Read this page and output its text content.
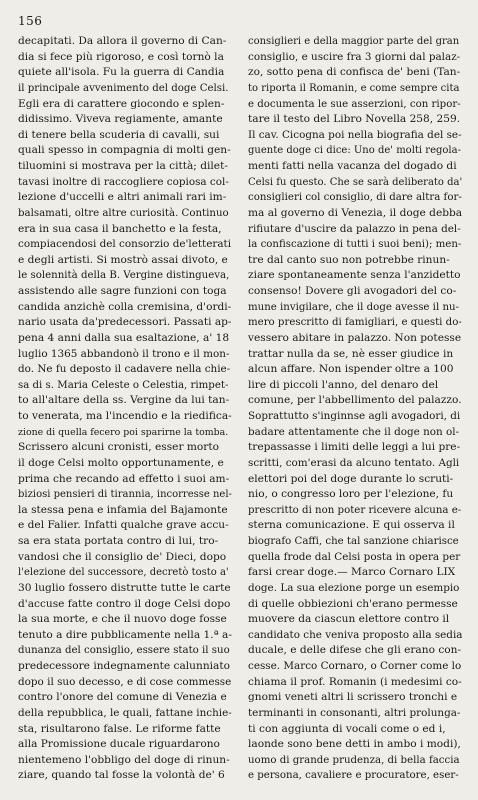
156
decapitati. Da allora il governo di Can-
dia si fece più rigoroso, e così tornò la
quiete all'isola. Fu la guerra di Candia
il principale avvenimento del doge Celsi.
Egli era di carattere giocondo e splen-
didissimo. Viveva regiamente, amante
di tenere bella scuderia di cavalli, sui
quali spesso in compagnia di molti gen-
tiluomini si mostrava per la città; dilet-
tavasi inoltre di raccogliere copiosa col-
lezione d'uccelli e altri animali rari im-
balsamati, oltre altre curiosità. Continuo
era in sua casa il banchetto e la festa,
compiacendosi del consorzio de'letterati
e degli artisti. Si mostrò assai divoto, e
le solennità della B. Vergine distingueva,
assistendo alle sagre funzioni con toga
candida anzichè colla cremisina, d'ordi-
nario usata da'predecessori. Passati ap-
pena 4 anni dalla sua esaltazione, a' 18
luglio 1365 abbandonò il trono e il mon-
do. Ne fu deposto il cadavere nella chie-
sa di s. Maria Celeste o Celestia, rimpet-
to all'altare della ss. Vergine da lui tan-
to venerata, ma l'incendio e la riedifica-
zione di quella fecero poi sparirne la tomba.
Scrissero alcuni cronisti, esser morto
il doge Celsi molto opportunamente, e
prima che recando ad effetto i suoi am-
biziosi pensieri di tirannia, incorresse nel-
la stessa pena e infamia del Bajamonte
e del Falier. Infatti qualche grave accu-
sa era stata portata contro di lui, tro-
vandosi che il consiglio de' Dieci, dopo
l'elezione del successore, decretò tosto a'
30 luglio fossero distrutte tutte le carte
d'accuse fatte contro il doge Celsi dopo
la sua morte, e che il nuovo doge fosse
tenuto a dire pubblicamente nella 1.ª a-
dunanza del consiglio, essere stato il suo
predecessore indegnamente calunniato
dopo il suo decesso, e di cose commesse
contro l'onore del comune di Venezia e
della repubblica, le quali, fattane inchie-
sta, risultarono false. Le riforme fatte
alla Promissione ducale riguardarono
nientemeno l'obbligo del doge di rinun-
ziare, quando tal fosse la volontà de' 6
consiglieri e della maggior parte del gran
consiglio, e uscire fra 3 giorni dal palaz-
zo, sotto pena di confisca de' beni (Tan-
to riporta il Romanin, e come sempre cita
e documenta le sue asserzioni, con ripor-
tare il testo del Libro Novella 258, 259.
Il cav. Cicogna poi nella biografia del se-
guente doge ci dice: Uno de' molti regola-
menti fatti nella vacanza del dogado di
Celsi fu questo. Che se sarà deliberato da'
consiglieri col consiglio, di dare altra for-
ma al governo di Venezia, il doge debba
rifiutare d'uscire da palazzo in pena del-
la confiscazione di tutti i suoi beni); men-
tre dal canto suo non potrebbe rinun-
ziare spontaneamente senza l'anzidetto
consenso! Dovere gli avogadori del co-
mune invigilare, che il doge avesse il nu-
mero prescritto di famigliari, e questi do-
vessero abitare in palazzo. Non potesse
trattar nulla da se, nè esser giudice in
alcun affare. Non ispender oltre a 100
lire di piccoli l'anno, del denaro del
comune, per l'abbellimento del palazzo.
Soprattutto s'inginnse agli avogadori, di
badare attentamente che il doge non ol-
trepassasse i limiti delle leggi a lui pre-
scritti, com'erasi da alcuno tentato. Agli
elettori poi del doge durante lo scruti-
nio, o congresso loro per l'elezione, fu
prescritto di non poter ricevere alcuna e-
sterna comunicazione. E qui osserva il
biografo Caffi, che tal sanzione chiarisce
quella frode dal Celsi posta in opera per
farsi crear doge.— Marco Cornaro LIX
doge. La sua elezione porge un esempio
di quelle obbiezioni ch'erano permesse
muovere da ciascun elettore contro il
candidato che veniva proposto alla sedia
ducale, e delle difese che gli erano con-
cesse. Marco Cornaro, o Corner come lo
chiama il prof. Romanin (i medesimi co-
gnomi veneti altri li scrissero tronchi e
terminanti in consonanti, altri prolunga-
ti con aggiunta di vocali come o ed i,
laonde sono bene detti in ambo i modi),
uomo di grande prudenza, di bella faccia
e persona, cavaliere e procuratore, eser-
